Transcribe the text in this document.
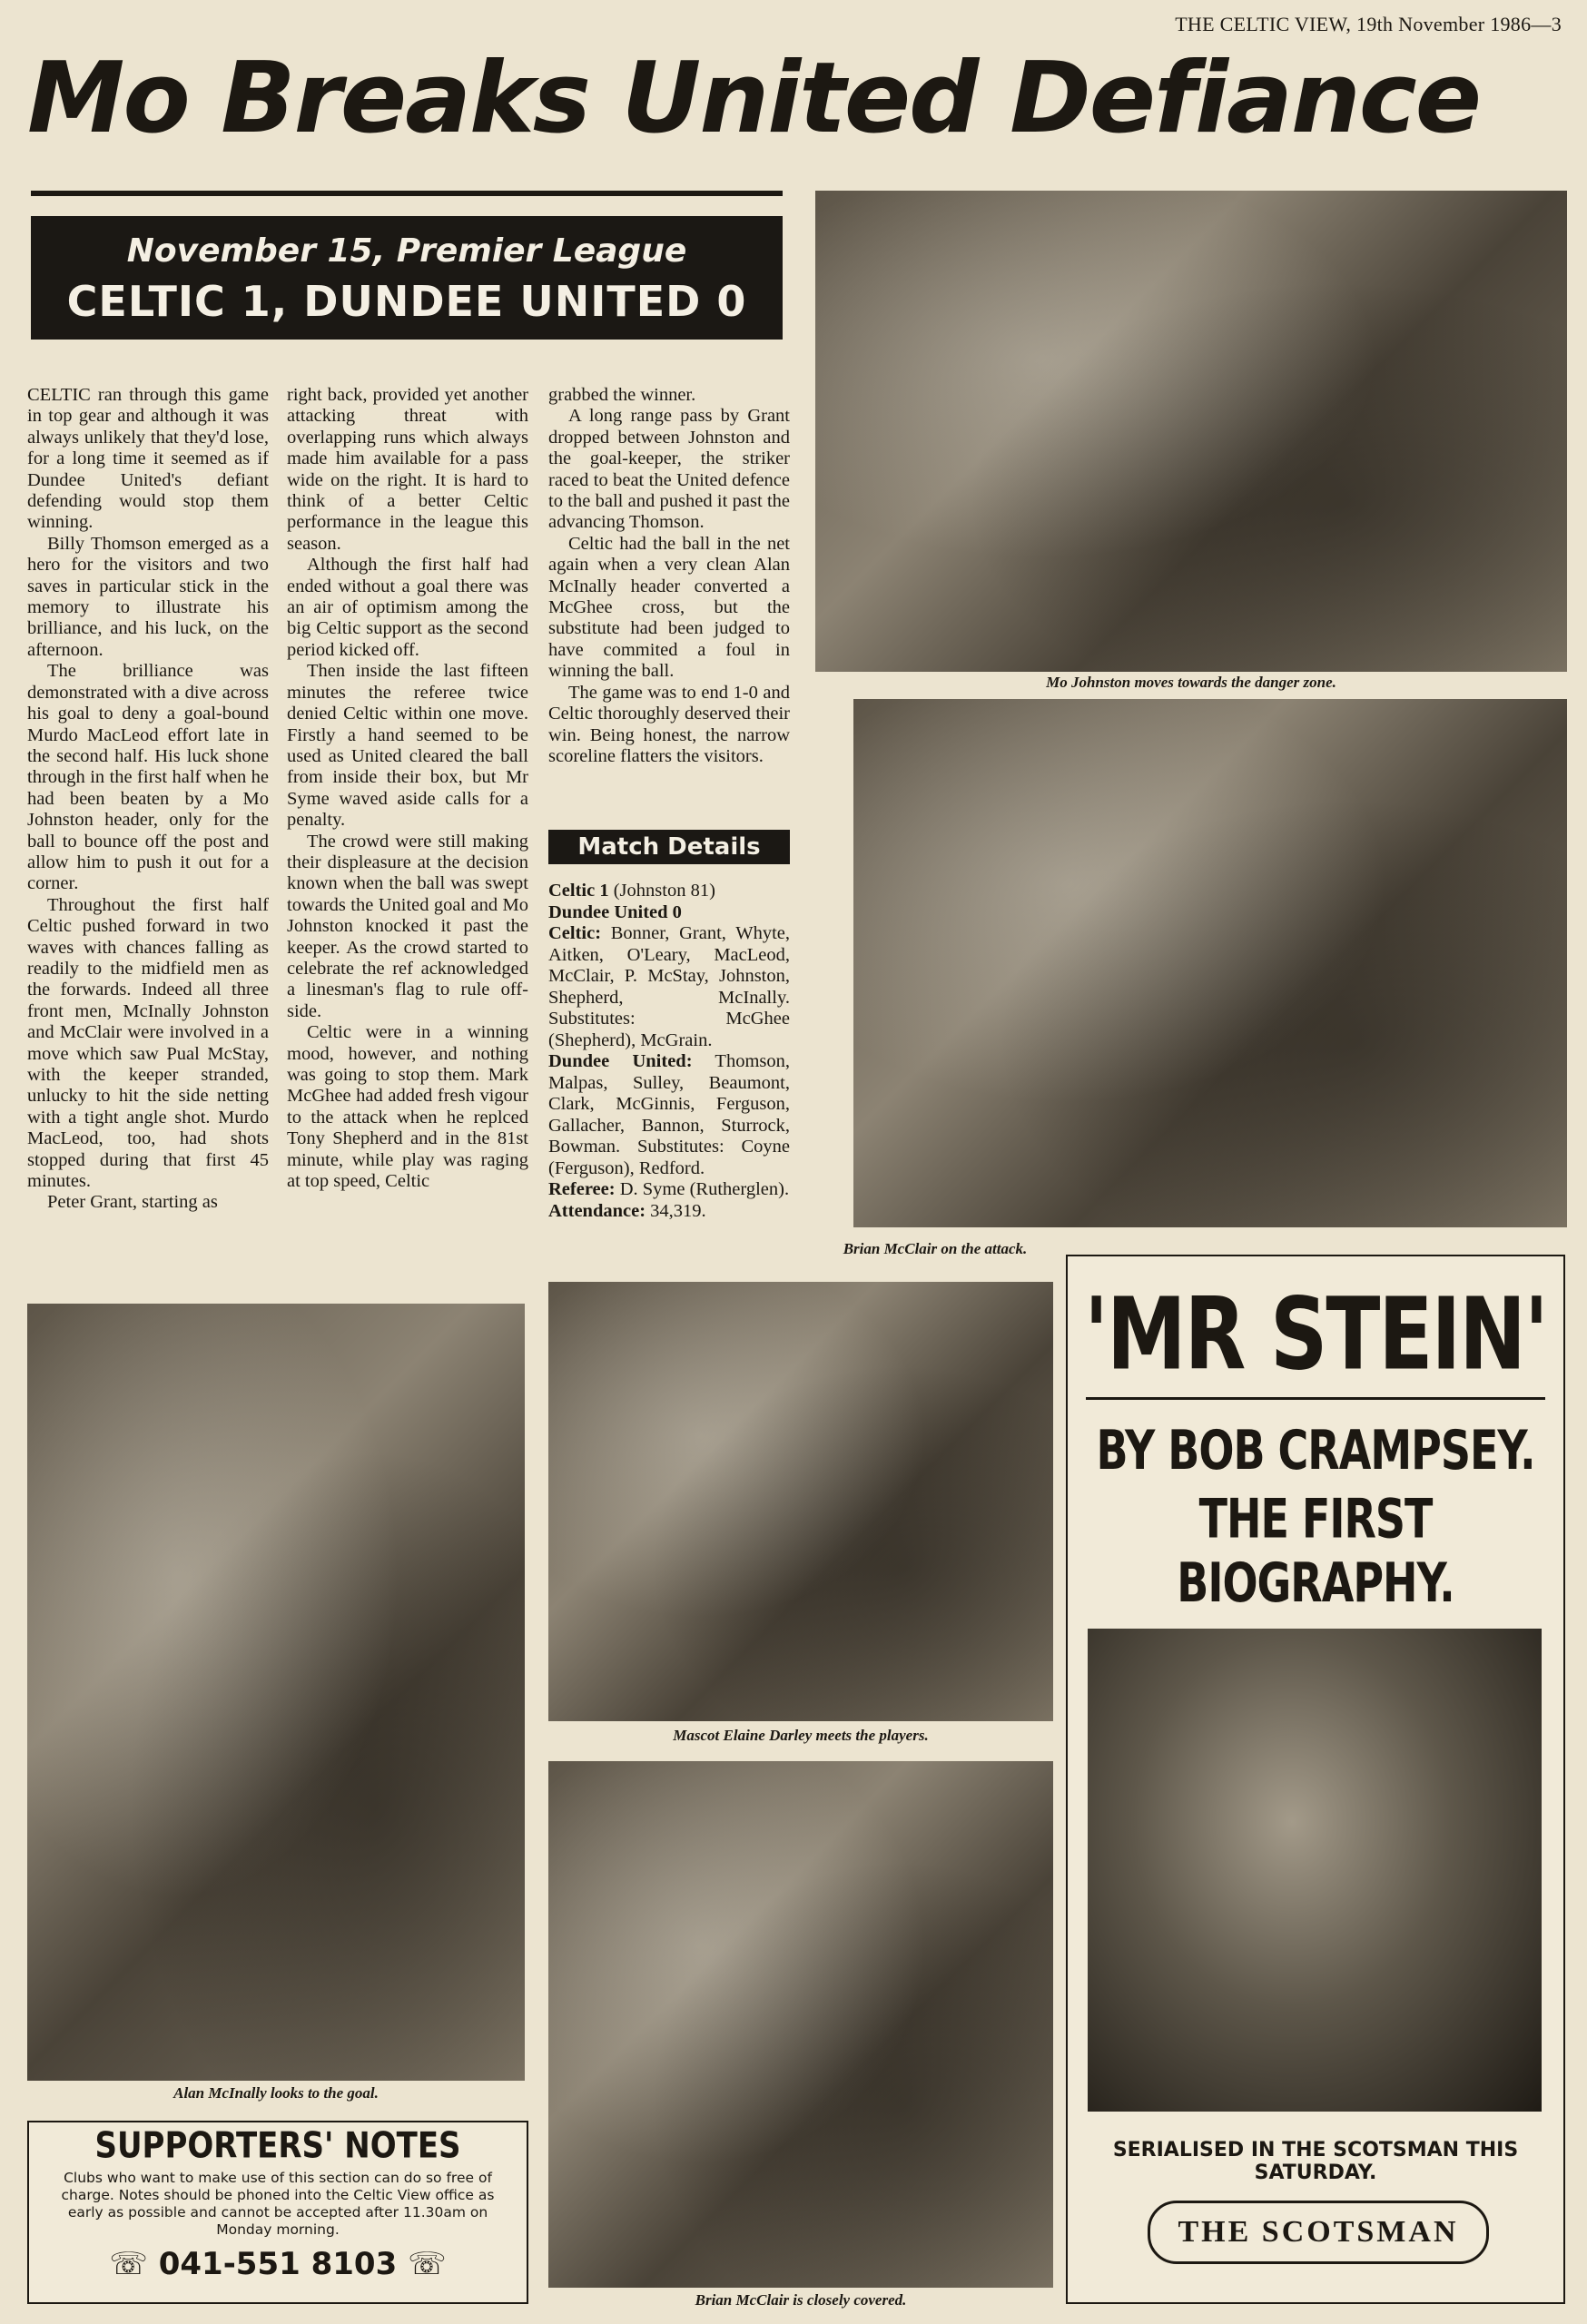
THE CELTIC VIEW, 19th November 1986—3
Mo Breaks United Defiance
November 15, Premier League
CELTIC 1, DUNDEE UNITED 0

CELTIC ran through this game in top gear and although it was always unlikely that they'd lose, for a long time it seemed as if Dundee United's defiant defending would stop them winning.

Billy Thomson emerged as a hero for the visitors and two saves in particular stick in the memory to illustrate his brilliance, and his luck, on the afternoon.

The brilliance was demonstrated with a dive across his goal to deny a goal-bound Murdo MacLeod effort late in the second half. His luck shone through in the first half when he had been beaten by a Mo Johnston header, only for the ball to bounce off the post and allow him to push it out for a corner.

Throughout the first half Celtic pushed forward in two waves with chances falling as readily to the midfield men as the forwards. Indeed all three front men, McInally Johnston and McClair were involved in a move which saw Pual McStay, with the keeper stranded, unlucky to hit the side netting with a tight angle shot. Murdo MacLeod, too, had shots stopped during that first 45 minutes.

Peter Grant, starting as

right back, provided yet another attacking threat with overlapping runs which always made him available for a pass wide on the right. It is hard to think of a better Celtic performance in the league this season.

Although the first half had ended without a goal there was an air of optimism among the big Celtic support as the second period kicked off.

Then inside the last fifteen minutes the referee twice denied Celtic within one move. Firstly a hand seemed to be used as United cleared the ball from inside their box, but Mr Syme waved aside calls for a penalty.

The crowd were still making their displeasure at the decision known when the ball was swept towards the United goal and Mo Johnston knocked it past the keeper. As the crowd started to celebrate the ref acknowledged a linesman's flag to rule off-side.

Celtic were in a winning mood, however, and nothing was going to stop them. Mark McGhee had added fresh vigour to the attack when he replced Tony Shepherd and in the 81st minute, while play was raging at top speed, Celtic

grabbed the winner.

A long range pass by Grant dropped between Johnston and the goal-keeper, the striker raced to beat the United defence to the ball and pushed it past the advancing Thomson.

Celtic had the ball in the net again when a very clean Alan McInally header converted a McGhee cross, but the substitute had been judged to have commited a foul in winning the ball.

The game was to end 1-0 and Celtic thoroughly deserved their win. Being honest, the narrow scoreline flatters the visitors.

Match Details
Celtic 1 (Johnston 81)
Dundee United 0
Celtic: Bonner, Grant, Whyte, Aitken, O'Leary, MacLeod, McClair, P. McStay, Johnston, Shepherd, McInally. Substitutes: McGhee (Shepherd), McGrain.
Dundee United: Thomson, Malpas, Sulley, Beaumont, Clark, McGinnis, Ferguson, Gallacher, Bannon, Sturrock, Bowman. Substitutes: Coyne (Ferguson), Redford.
Referee: D. Syme (Rutherglen).
Attendance: 34,319.
Mo Johnston moves towards the danger zone.
Brian McClair on the attack.
Alan McInally looks to the goal.
Mascot Elaine Darley meets the players.
Brian McClair is closely covered.
'MR STEIN'
BY BOB CRAMPSEY.
THE FIRST BIOGRAPHY.
SERIALISED IN THE SCOTSMAN THIS SATURDAY.
THE SCOTSMAN
SUPPORTERS' NOTES
Clubs who want to make use of this section can do so free of charge. Notes should be phoned into the Celtic View office as early as possible and cannot be accepted after 11.30am on Monday morning.
☏ 041-551 8103 ☏
